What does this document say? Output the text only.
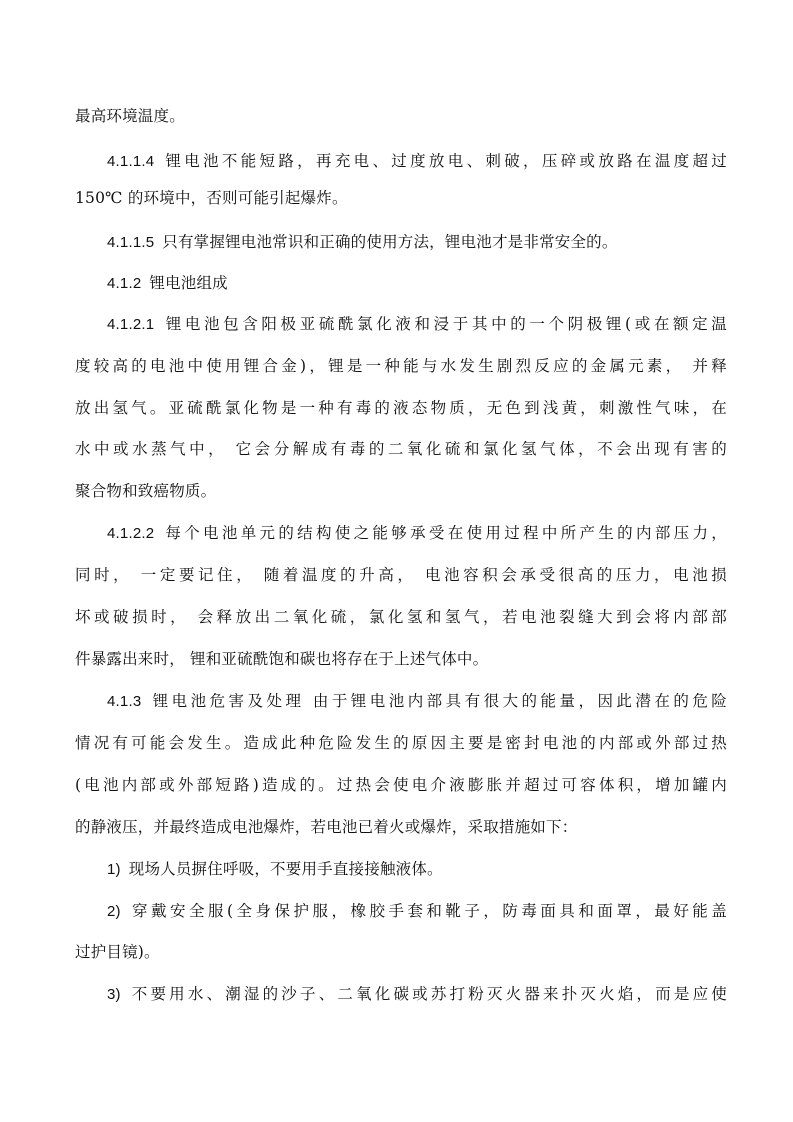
最高环境温度。
4.1.1.4 锂电池不能短路，再充电、过度放电、刺破，压碎或放路在温度超过
150℃ 的环境中，否则可能引起爆炸。
4.1.1.5 只有掌握锂电池常识和正确的使用方法，锂电池才是非常安全的。
4.1.2 锂电池组成
4.1.2.1 锂电池包含阳极亚硫酰氯化液和浸于其中的一个阴极锂(或在额定温
度较高的电池中使用锂合金)，锂是一种能与水发生剧烈反应的金属元素， 并释
放出氢气。亚硫酰氯化物是一种有毒的液态物质，无色到浅黄，刺激性气味，在
水中或水蒸气中， 它会分解成有毒的二氧化硫和氯化氢气体，不会出现有害的
聚合物和致癌物质。
4.1.2.2 每个电池单元的结构使之能够承受在使用过程中所产生的内部压力，
同时， 一定要记住， 随着温度的升高， 电池容积会承受很高的压力，电池损
坏或破损时， 会释放出二氧化硫，氯化氢和氢气，若电池裂缝大到会将内部部
件暴露出来时， 锂和亚硫酰饱和碳也将存在于上述气体中。
4.1.3 锂电池危害及处理 由于锂电池内部具有很大的能量，因此潜在的危险
情况有可能会发生。造成此种危险发生的原因主要是密封电池的内部或外部过热
(电池内部或外部短路)造成的。过热会使电介液膨胀并超过可容体积，增加罐内
的静液压，并最终造成电池爆炸，若电池已着火或爆炸，采取措施如下：
1) 现场人员摒住呼吸，不要用手直接接触液体。
2) 穿戴安全服(全身保护服，橡胶手套和靴子，防毒面具和面罩，最好能盖
过护目镜)。
3) 不要用水、潮湿的沙子、二氧化碳或苏打粉灭火器来扑灭火焰，而是应使
